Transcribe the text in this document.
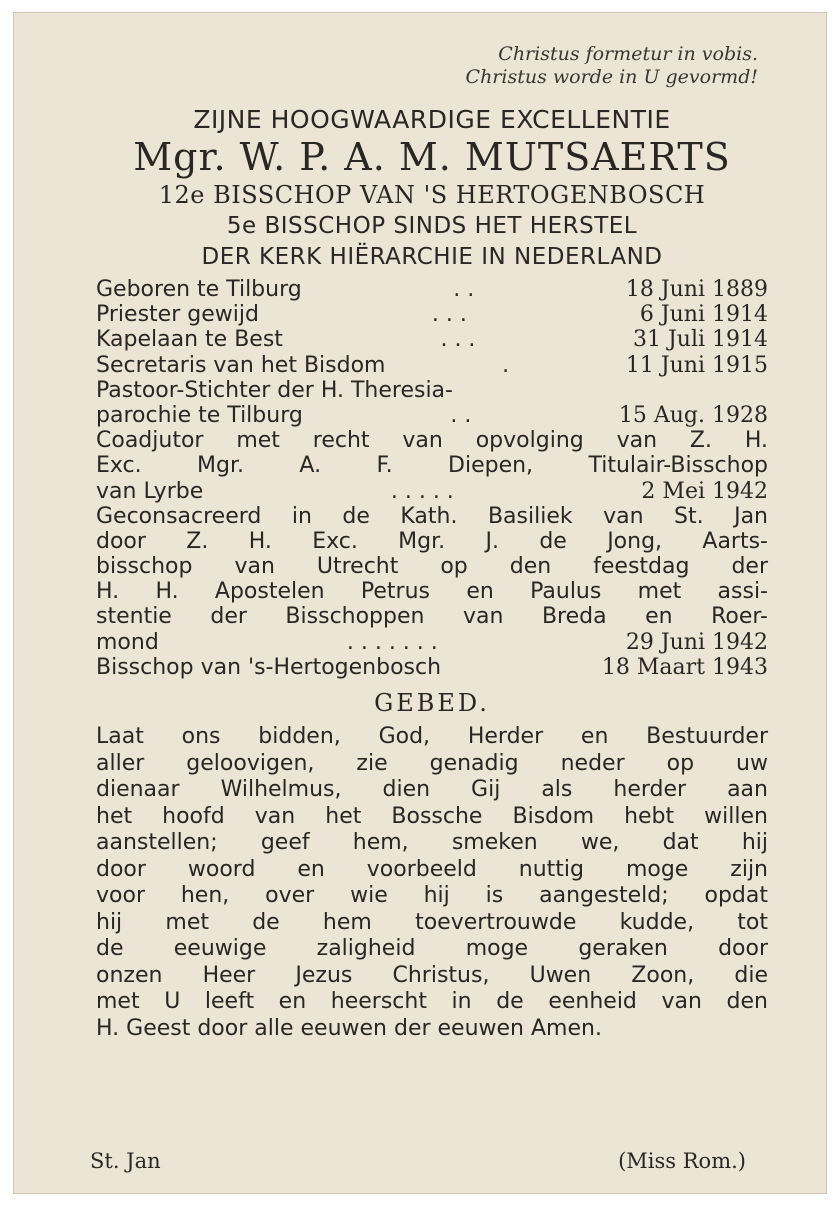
Christus formetur in vobis.
Christus worde in U gevormd!
ZIJNE HOOGWAARDIGE EXCELLENTIE
Mgr. W. P. A. M. MUTSAERTS
12e BISSCHOP VAN 'S HERTOGENBOSCH
5e BISSCHOP SINDS HET HERSTEL
DER KERK HIËRARCHIE IN NEDERLAND
Geboren te Tilburg	. .	18 Juni 1889
Priester gewijd	. . .	6 Juni 1914
Kapelaan te Best	. . .	31 Juli 1914
Secretaris van het Bisdom	.	11 Juni 1915
Pastoor-Stichter der H. Theresia-
parochie te Tilburg	. .	15 Aug. 1928
Coadjutor met recht van opvolging van Z. H.
Exc. Mgr. A. F. Diepen, Titulair-Bisschop
van Lyrbe	. . . . .	2 Mei 1942
Geconsacreerd in de Kath. Basiliek van St. Jan
door Z. H. Exc. Mgr. J. de Jong, Aarts-
bisschop van Utrecht op den feestdag der
H. H. Apostelen Petrus en Paulus met assi-
stentie der Bisschoppen van Breda en Roer-
mond	. . . . . . .	29 Juni 1942
Bisschop van 's-Hertogenbosch	18 Maart 1943
GEBED.
Laat ons bidden, God, Herder en Bestuurder
aller geloovigen, zie genadig neder op uw
dienaar Wilhelmus, dien Gij als herder aan
het hoofd van het Bossche Bisdom hebt willen
aanstellen; geef hem, smeken we, dat hij
door woord en voorbeeld nuttig moge zijn
voor hen, over wie hij is aangesteld; opdat
hij met de hem toevertrouwde kudde, tot
de eeuwige zaligheid moge geraken door
onzen Heer Jezus Christus, Uwen Zoon, die
met U leeft en heerscht in de eenheid van den
H. Geest door alle eeuwen der eeuwen Amen.
St. Jan	(Miss Rom.)
